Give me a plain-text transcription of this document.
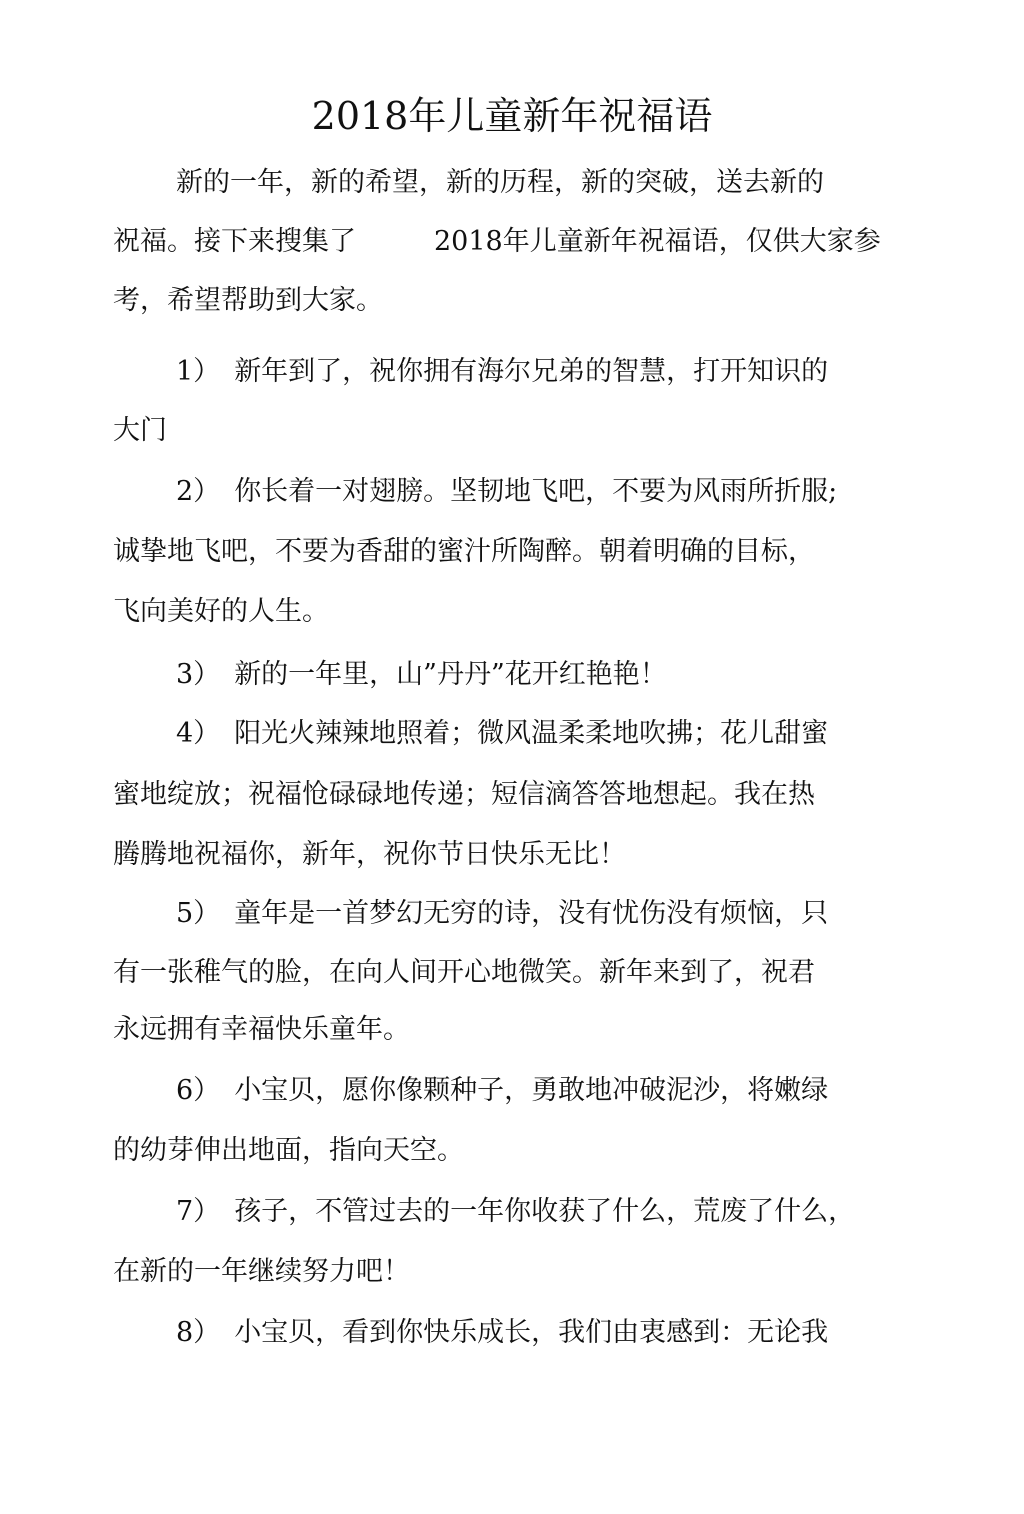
2018年儿童新年祝福语
新的一年，新的希望，新的历程，新的突破，送去新的
祝福。接下来搜集了	2018年儿童新年祝福语，仅供大家参
考，希望帮助到大家。
1） 新年到了，祝你拥有海尔兄弟的智慧，打开知识的
大门
2） 你长着一对翅膀。坚韧地飞吧，不要为风雨所折服;
诚挚地飞吧，不要为香甜的蜜汁所陶醉。朝着明确的目标，
飞向美好的人生。
3） 新的一年里，山”丹丹”花开红艳艳！
4） 阳光火辣辣地照着；微风温柔柔地吹拂；花儿甜蜜
蜜地绽放；祝福怆碌碌地传递；短信滴答答地想起。我在热
腾腾地祝福你，新年，祝你节日快乐无比！
5） 童年是一首梦幻无穷的诗，没有忧伤没有烦恼，只
有一张稚气的脸，在向人间开心地微笑。新年来到了，祝君
永远拥有幸福快乐童年。
6） 小宝贝，愿你像颗种子，勇敢地冲破泥沙，将嫩绿
的幼芽伸出地面，指向天空。
7） 孩子，不管过去的一年你收获了什么，荒废了什么，
在新的一年继续努力吧！
8） 小宝贝，看到你快乐成长，我们由衷感到：无论我
